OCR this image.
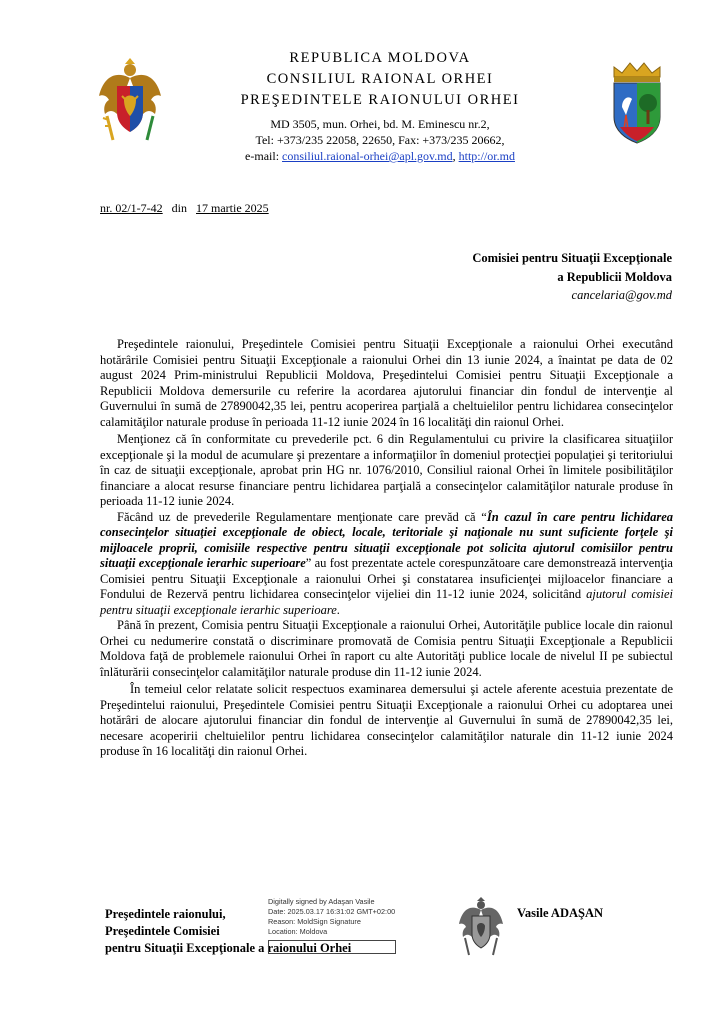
REPUBLICA MOLDOVA
CONSILIUL RAIONAL ORHEI
PREŞEDINTELE RAIONULUI ORHEI
MD 3505, mun. Orhei, bd. M. Eminescu nr.2,
Tel: +373/235 22058, 22650, Fax: +373/235 20662,
e-mail: consiliul.raional-orhei@apl.gov.md, http://or.md
nr. 02/1-7-42 din 17 martie 2025
Comisiei pentru Situaţii Excepţionale
a Republicii Moldova
cancelaria@gov.md

Preşedintele raionului, Preşedintele Comisiei pentru Situaţii Excepţionale a raionului Orhei executând hotărârile Comisiei pentru Situaţii Excepţionale a raionului Orhei din 13 iunie 2024, a înaintat pe data de 02 august 2024 Prim-ministrului Republicii Moldova, Preşedintelui Comisiei pentru Situaţii Excepţionale a Republicii Moldova demersurile cu referire la acordarea ajutorului financiar din fondul de intervenţie al Guvernului în sumă de 27890042,35 lei, pentru acoperirea parţială a cheltuielilor pentru lichidarea consecinţelor calamităţilor naturale produse în perioada 11-12 iunie 2024 în 16 localităţi din raionul Orhei.

Menţionez că în conformitate cu prevederile pct. 6 din Regulamentului cu privire la clasificarea situaţiilor excepţionale şi la modul de acumulare şi prezentare a informaţiilor în domeniul protecţiei populaţiei şi teritoriului în caz de situaţii excepţionale, aprobat prin HG nr. 1076/2010, Consiliul raional Orhei în limitele posibilităţilor financiare a alocat resurse financiare pentru lichidarea parţială a consecinţelor calamităţilor naturale produse în perioada 11-12 iunie 2024.

Făcând uz de prevederile Regulamentare menţionate care prevăd că “În cazul în care pentru lichidarea consecinţelor situaţiei excepţionale de obiect, locale, teritoriale şi naţionale nu sunt suficiente forţele şi mijloacele proprii, comisiile respective pentru situaţii excepţionale pot solicita ajutorul comisiilor pentru situaţii excepţionale ierarhic superioare” au fost prezentate actele corespunzătoare care demonstrează intervenţia Comisiei pentru Situaţii Excepţionale a raionului Orhei şi constatarea insuficienţei mijloacelor financiare a Fondului de Rezervă pentru lichidarea consecinţelor vijeliei din 11-12 iunie 2024, solicitând ajutorul comisiei pentru situaţii excepţionale ierarhic superioare.

Până în prezent, Comisia pentru Situaţii Excepţionale a raionului Orhei, Autorităţile publice locale din raionul Orhei cu nedumerire constată o discriminare promovată de Comisia pentru Situaţii Excepţionale a Republicii Moldova faţă de problemele raionului Orhei în raport cu alte Autorităţi publice locale de nivelul II pe subiectul înlăturării consecinţelor calamităţilor naturale produse din 11-12 iunie 2024.

În temeiul celor relatate solicit respectuos examinarea demersului şi actele aferente acestuia prezentate de Preşedintelui raionului, Preşedintele Comisiei pentru Situaţii Excepţionale a raionului Orhei cu adoptarea unei hotărâri de alocare ajutorului financiar din fondul de intervenţie al Guvernului în sumă de 27890042,35 lei, necesare acoperirii cheltuielilor pentru lichidarea consecinţelor calamităţilor naturale din 11-12 iunie 2024 produse în 16 localităţi din raionul Orhei.

Preşedintele raionului,
Preşedintele Comisiei
pentru Situaţii Excepţionale a raionului Orhei
Digitally signed by Adaşan Vasile
Date: 2025.03.17 16:31:02 GMT+02:00
Reason: MoldSign Signature
Location: Moldova
Vasile ADAŞAN
